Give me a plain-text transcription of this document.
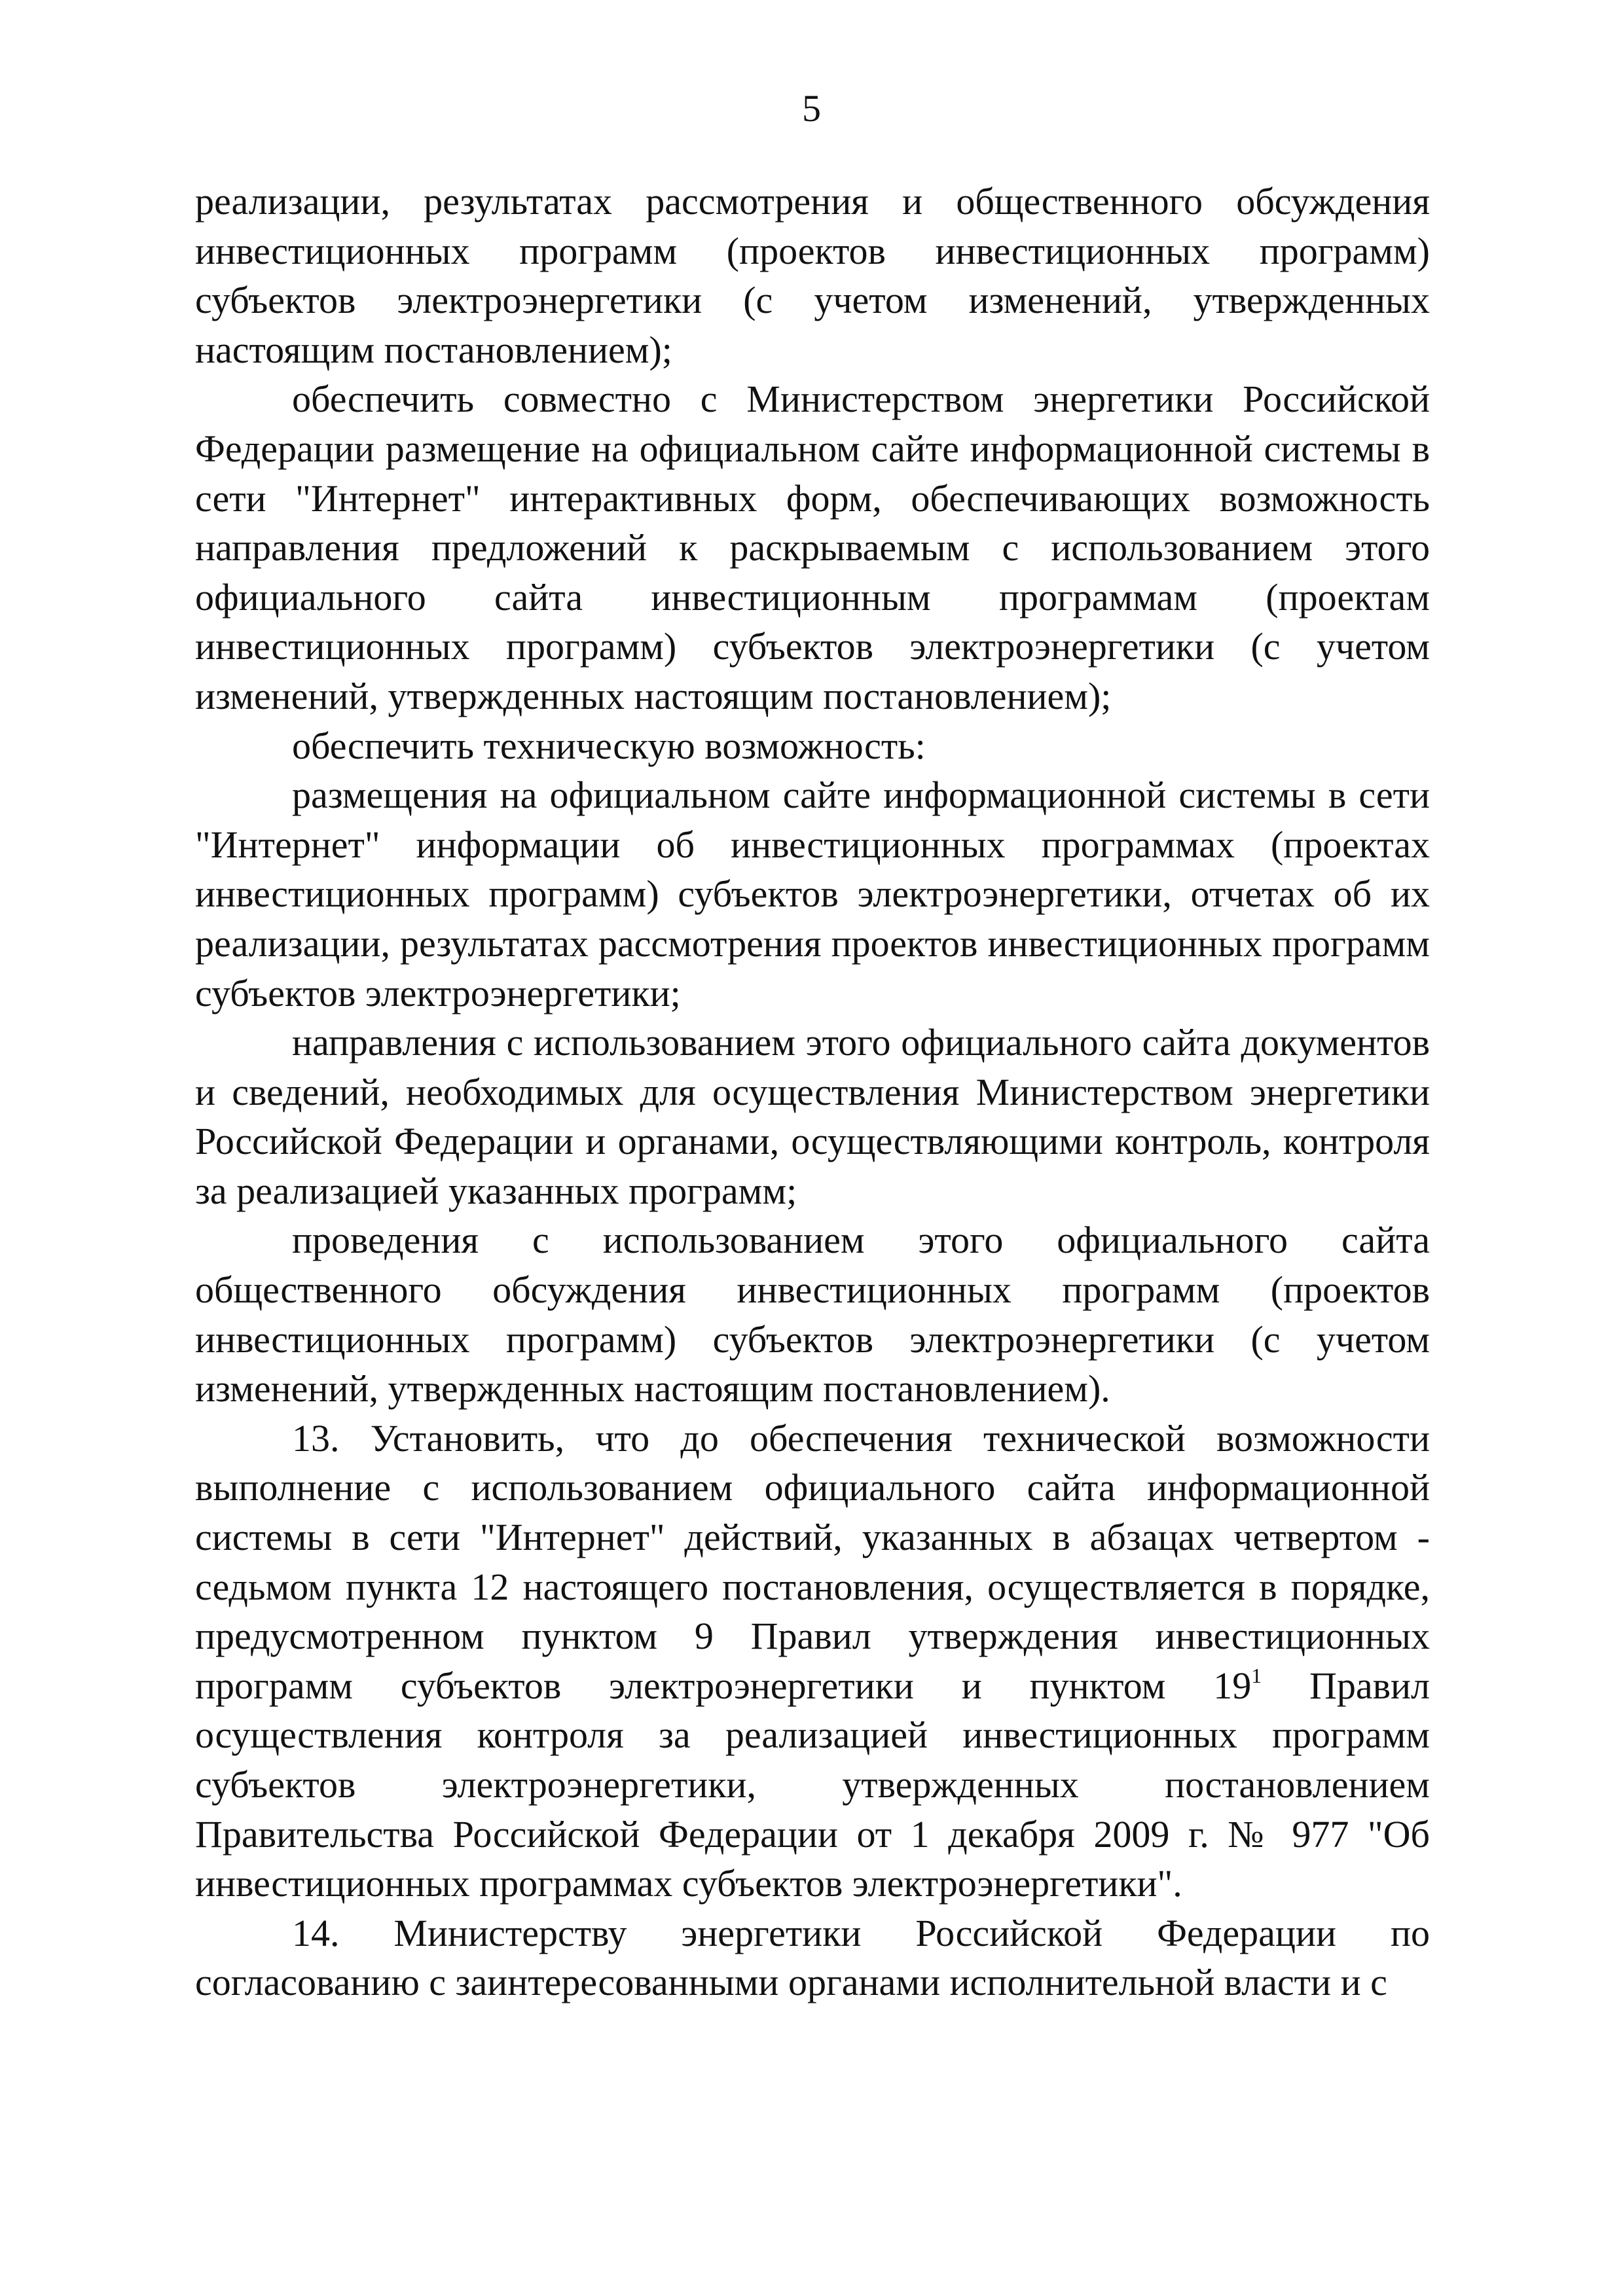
5

реализации, результатах рассмотрения и общественного обсуждения инвестиционных программ (проектов инвестиционных программ) субъектов электроэнергетики (с учетом изменений, утвержденных настоящим постановлением);

обеспечить совместно с Министерством энергетики Российской Федерации размещение на официальном сайте информационной системы в сети "Интернет" интерактивных форм, обеспечивающих возможность направления предложений к раскрываемым с использованием этого официального сайта инвестиционным программам (проектам инвестиционных программ) субъектов электроэнергетики (с учетом изменений, утвержденных настоящим постановлением);

обеспечить техническую возможность:

размещения на официальном сайте информационной системы в сети "Интернет" информации об инвестиционных программах (проектах инвестиционных программ) субъектов электроэнергетики, отчетах об их реализации, результатах рассмотрения проектов инвестиционных программ субъектов электроэнергетики;

направления с использованием этого официального сайта документов и сведений, необходимых для осуществления Министерством энергетики Российской Федерации и органами, осуществляющими контроль, контроля за реализацией указанных программ;

проведения с использованием этого официального сайта общественного обсуждения инвестиционных программ (проектов инвестиционных программ) субъектов электроэнергетики (с учетом изменений, утвержденных настоящим постановлением).

13. Установить, что до обеспечения технической возможности выполнение с использованием официального сайта информационной системы в сети "Интернет" действий, указанных в абзацах четвертом - седьмом пункта 12 настоящего постановления, осуществляется в порядке, предусмотренном пунктом 9 Правил утверждения инвестиционных программ субъектов электроэнергетики и пунктом $19^1$ Правил осуществления контроля за реализацией инвестиционных программ субъектов электроэнергетики, утвержденных постановлением Правительства Российской Федерации от 1 декабря 2009 г. № 977 "Об инвестиционных программах субъектов электроэнергетики".

14. Министерству энергетики Российской Федерации по согласованию с заинтересованными органами исполнительной власти и с
